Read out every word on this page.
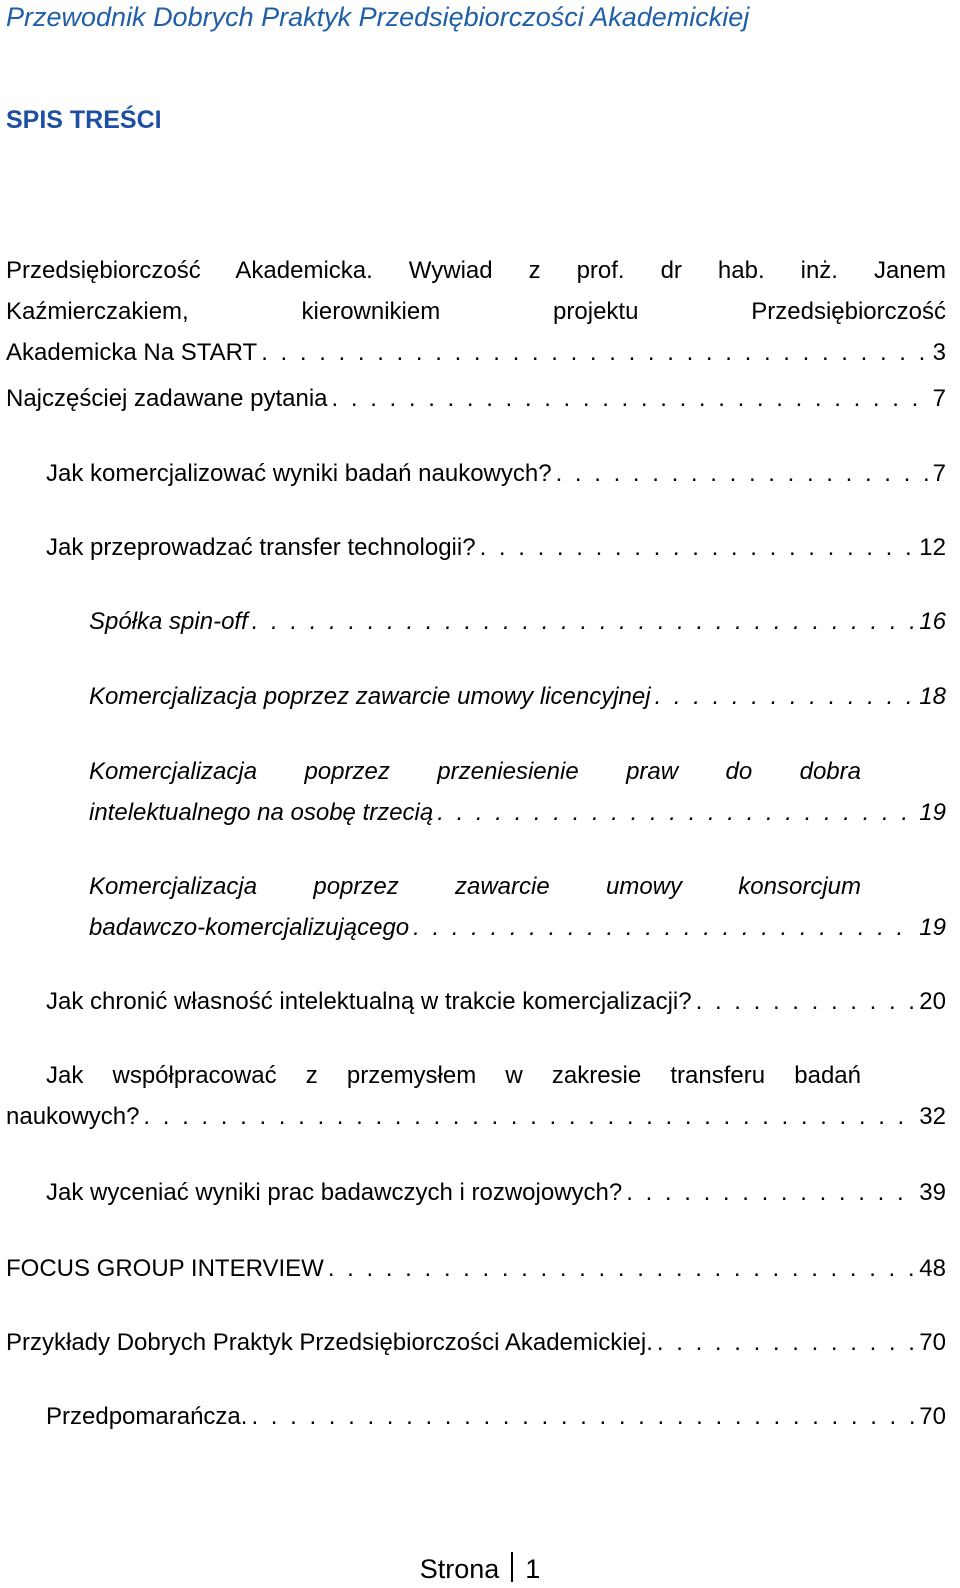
Przewodnik Dobrych Praktyk Przedsiębiorczości Akademickiej
SPIS TREŚCI
Przedsiębiorczość Akademicka. Wywiad z prof. dr hab. inż. Janem
Kaźmierczakiem, kierownikiem projektu Przedsiębiorczość
Akademicka Na START . . .	3
Najczęściej zadawane pytania . . .	7
Jak komercjalizować wyniki badań naukowych? . . .	7
Jak przeprowadzać transfer technologii? . . .	12
Spółka spin-off . . .	16
Komercjalizacja poprzez zawarcie umowy licencyjnej . . .	18
Komercjalizacja poprzez przeniesienie praw do dobra
intelektualnego na osobę trzecią . . .	19
Komercjalizacja poprzez zawarcie umowy konsorcjum
badawczo-komercjalizującego . . .	19
Jak chronić własność intelektualną w trakcie komercjalizacji? . . .	20
Jak współpracować z przemysłem w zakresie transferu badań
naukowych? . . .	32
Jak wyceniać wyniki prac badawczych i rozwojowych? . . .	39
FOCUS GROUP INTERVIEW . . .	48
Przykłady Dobrych Praktyk Przedsiębiorczości Akademickiej. . . .	70
Przedpomarańcza. . . .	70
Strona 1
